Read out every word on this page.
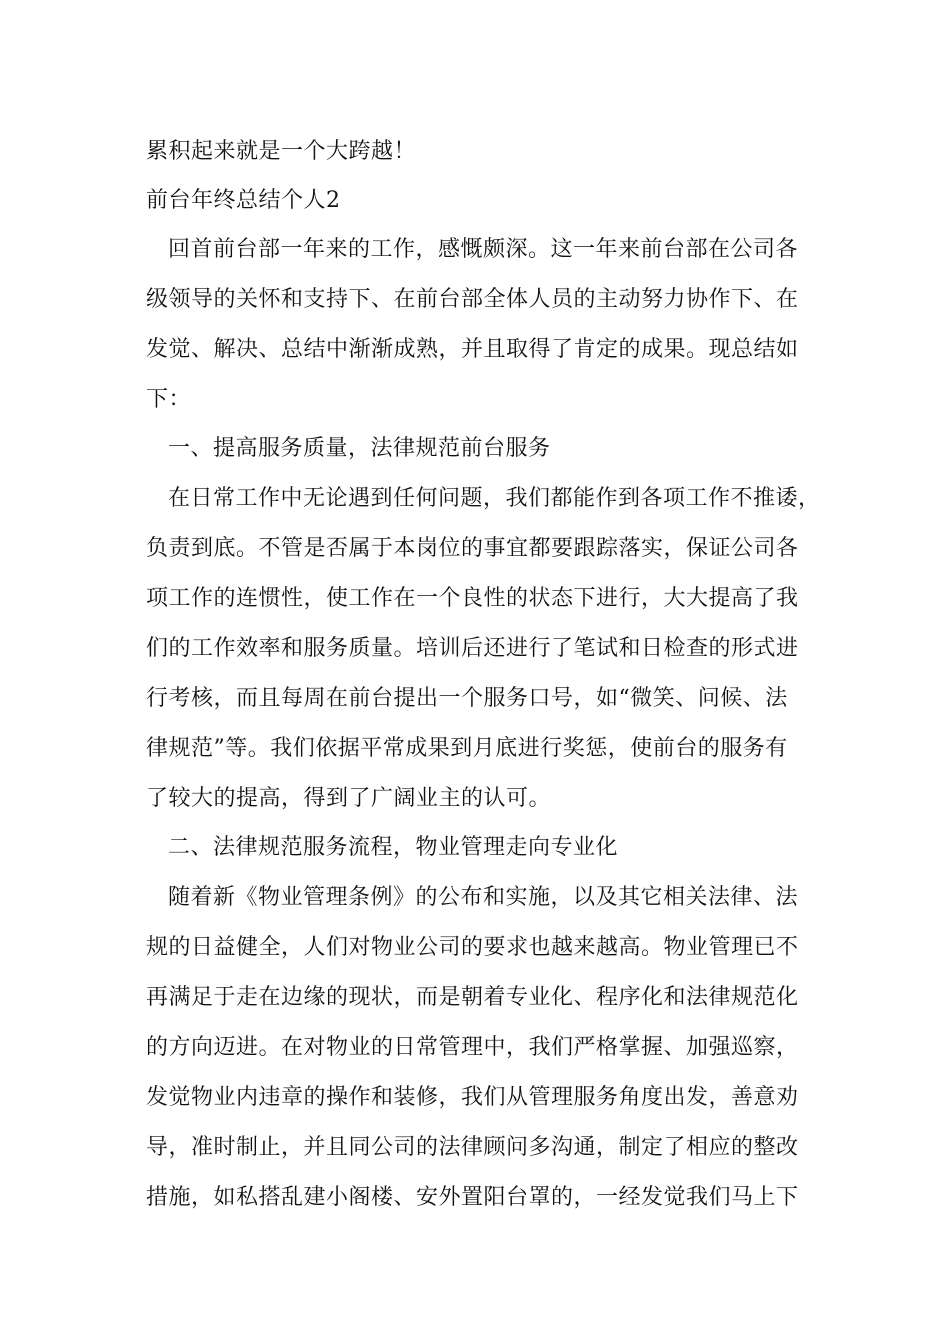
累积起来就是一个大跨越！
前台年终总结个人2
回首前台部一年来的工作，感慨颇深。这一年来前台部在公司各
级领导的关怀和支持下、在前台部全体人员的主动努力协作下、在
发觉、解决、总结中渐渐成熟，并且取得了肯定的成果。现总结如
下：
一、提高服务质量，法律规范前台服务
在日常工作中无论遇到任何问题，我们都能作到各项工作不推诿，
负责到底。不管是否属于本岗位的事宜都要跟踪落实，保证公司各
项工作的连惯性，使工作在一个良性的状态下进行，大大提高了我
们的工作效率和服务质量。培训后还进行了笔试和日检查的形式进
行考核，而且每周在前台提出一个服务口号，如“微笑、问候、法
律规范”等。我们依据平常成果到月底进行奖惩，使前台的服务有
了较大的提高，得到了广阔业主的认可。
二、法律规范服务流程，物业管理走向专业化
随着新《物业管理条例》的公布和实施，以及其它相关法律、法
规的日益健全，人们对物业公司的要求也越来越高。物业管理已不
再满足于走在边缘的现状，而是朝着专业化、程序化和法律规范化
的方向迈进。在对物业的日常管理中，我们严格掌握、加强巡察，
发觉物业内违章的操作和装修，我们从管理服务角度出发，善意劝
导，准时制止，并且同公司的法律顾问多沟通，制定了相应的整改
措施，如私搭乱建小阁楼、安外置阳台罩的，一经发觉我们马上下
